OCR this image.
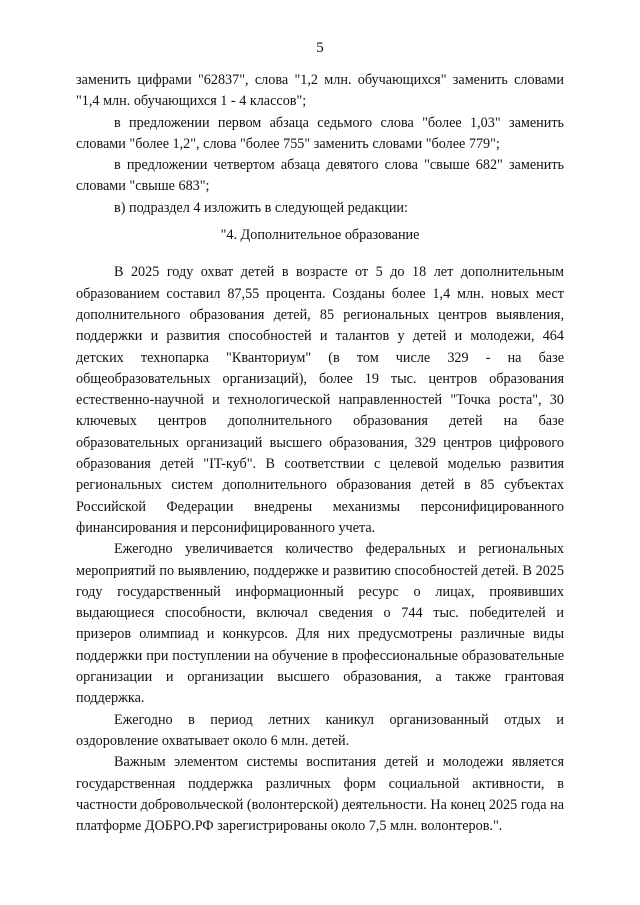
5

заменить цифрами "62837", слова "1,2 млн. обучающихся" заменить словами "1,4 млн. обучающихся 1 - 4 классов";

в предложении первом абзаца седьмого слова "более 1,03" заменить словами "более 1,2", слова "более 755" заменить словами "более 779";

в предложении четвертом абзаца девятого слова "свыше 682" заменить словами "свыше 683";

в) подраздел 4 изложить в следующей редакции:

"4. Дополнительное образование

В 2025 году охват детей в возрасте от 5 до 18 лет дополнительным образованием составил 87,55 процента. Созданы более 1,4 млн. новых мест дополнительного образования детей, 85 региональных центров выявления, поддержки и развития способностей и талантов у детей и молодежи, 464 детских технопарка "Кванториум" (в том числе 329 - на базе общеобразовательных организаций), более 19 тыс. центров образования естественно-научной и технологической направленностей "Точка роста", 30 ключевых центров дополнительного образования детей на базе образовательных организаций высшего образования, 329 центров цифрового образования детей "IT-куб". В соответствии с целевой моделью развития региональных систем дополнительного образования детей в 85 субъектах Российской Федерации внедрены механизмы персонифицированного финансирования и персонифицированного учета.

Ежегодно увеличивается количество федеральных и региональных мероприятий по выявлению, поддержке и развитию способностей детей. В 2025 году государственный информационный ресурс о лицах, проявивших выдающиеся способности, включал сведения о 744 тыс. победителей и призеров олимпиад и конкурсов. Для них предусмотрены различные виды поддержки при поступлении на обучение в профессиональные образовательные организации и организации высшего образования, а также грантовая поддержка.

Ежегодно в период летних каникул организованный отдых и оздоровление охватывает около 6 млн. детей.

Важным элементом системы воспитания детей и молодежи является государственная поддержка различных форм социальной активности, в частности добровольческой (волонтерской) деятельности. На конец 2025 года на платформе ДОБРО.РФ зарегистрированы около 7,5 млн. волонтеров.".
